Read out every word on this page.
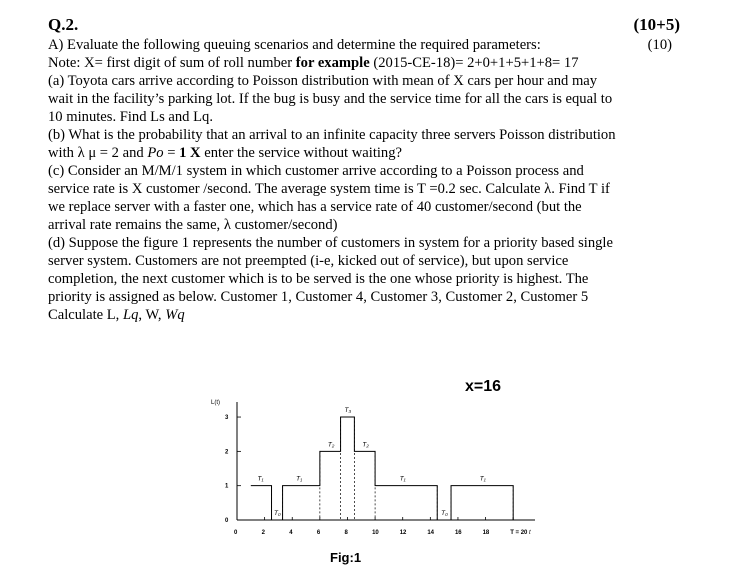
Q.2.	(10+5)
A) Evaluate the following queuing scenarios and determine the required parameters:	(10)
Note: X= first digit of sum of roll number for example (2015-CE-18)= 2+0+1+5+1+8= 17
(a) Toyota cars arrive according to Poisson distribution with mean of X cars per hour and may
wait in the facility’s parking lot. If the bug is busy and the service time for all the cars is equal to
10 minutes. Find Ls and Lq.
(b) What is the probability that an arrival to an infinite capacity three servers Poisson distribution
with λ μ = 2 and Po = 1 X enter the service without waiting?
(c) Consider an M/M/1 system in which customer arrive according to a Poisson process and
service rate is X customer /second. The average system time is T =0.2 sec. Calculate λ. Find T if
we replace server with a faster one, which has a service rate of 40 customer/second (but the
arrival rate remains the same, λ customer/second)
(d) Suppose the figure 1 represents the number of customers in system for a priority based single
server system. Customers are not preempted (i-e, kicked out of service), but upon service
completion, the next customer which is to be served is the one whose priority is highest. The
priority is assigned as below. Customer 1, Customer 4, Customer 3, Customer 2, Customer 5
Calculate L, Lq, W, Wq
L(t)
0
1
2
3
0	2	4	6	8	10	12	14	16	18	T = 20 t
T₁	T₁
T₀
T₂
T₃
T₂
T₁
T₀
T₁
x=16
Fig:1
